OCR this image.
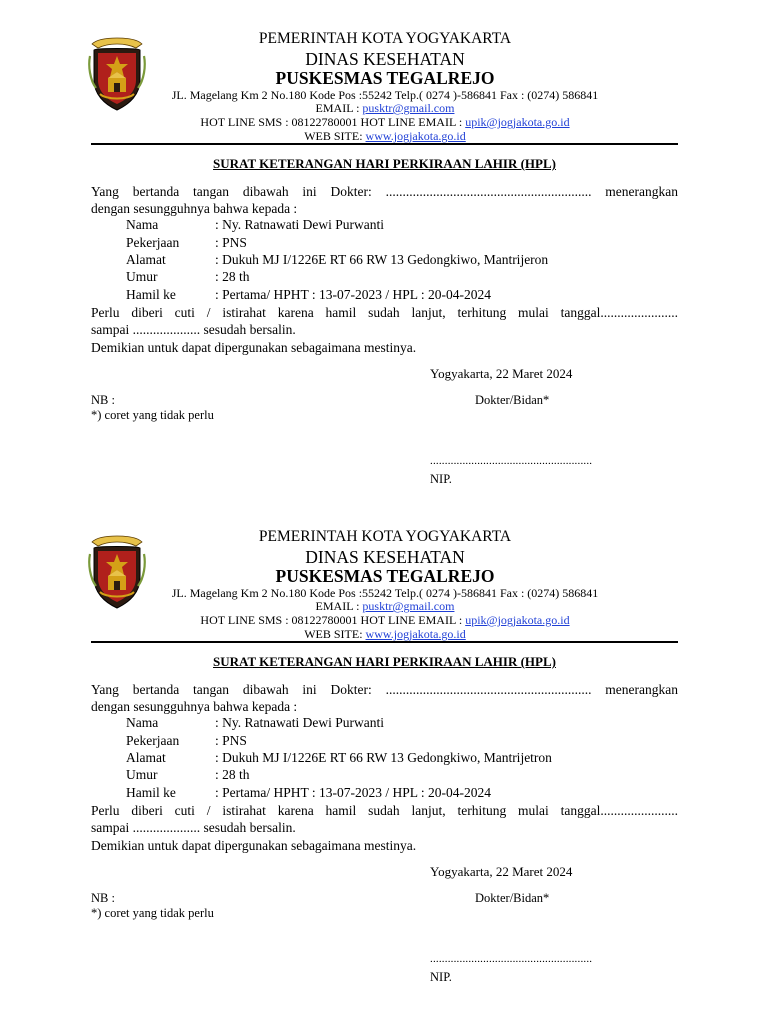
PEMERINTAH KOTA YOGYAKARTA
DINAS KESEHATAN
PUSKESMAS TEGALREJO
JL. Magelang Km 2 No.180 Kode Pos :55242 Telp.( 0274 )-586841 Fax : (0274) 586841
EMAIL : pusktr@gmail.com
HOT LINE SMS : 08122780001 HOT LINE EMAIL : upik@jogjakota.go.id
WEB SITE: www.jogjakota.go.id
SURAT KETERANGAN HARI PERKIRAAN LAHIR (HPL)
Yang bertanda tangan dibawah ini Dokter: ............................................................. menerangkan
dengan sesungguhnya bahwa kepada :
Nama	: Ny. Ratnawati Dewi Purwanti
Pekerjaan	: PNS
Alamat	: Dukuh MJ I/1226E RT 66 RW 13 Gedongkiwo, Mantrijeron
Umur	: 28 th
Hamil ke	: Pertama/ HPHT : 13-07-2023 / HPL : 20-04-2024
Perlu diberi cuti / istirahat karena hamil sudah lanjut, terhitung mulai tanggal.......................
sampai .................... sesudah bersalin.
Demikian untuk dapat dipergunakan sebagaimana mestinya.
Yogyakarta, 22 Maret 2024
NB :	Dokter/Bidan*
*) coret yang tidak perlu
.......................................................
NIP.
PEMERINTAH KOTA YOGYAKARTA
DINAS KESEHATAN
PUSKESMAS TEGALREJO
JL. Magelang Km 2 No.180 Kode Pos :55242 Telp.( 0274 )-586841 Fax : (0274) 586841
EMAIL : pusktr@gmail.com
HOT LINE SMS : 08122780001 HOT LINE EMAIL : upik@jogjakota.go.id
WEB SITE: www.jogjakota.go.id
SURAT KETERANGAN HARI PERKIRAAN LAHIR (HPL)
Yang bertanda tangan dibawah ini Dokter: ............................................................. menerangkan
dengan sesungguhnya bahwa kepada :
Nama	: Ny. Ratnawati Dewi Purwanti
Pekerjaan	: PNS
Alamat	: Dukuh MJ I/1226E RT 66 RW 13 Gedongkiwo, Mantrijetron
Umur	: 28 th
Hamil ke	: Pertama/ HPHT : 13-07-2023 / HPL : 20-04-2024
Perlu diberi cuti / istirahat karena hamil sudah lanjut, terhitung mulai tanggal.......................
sampai .................... sesudah bersalin.
Demikian untuk dapat dipergunakan sebagaimana mestinya.
Yogyakarta, 22 Maret 2024
NB :	Dokter/Bidan*
*) coret yang tidak perlu
.......................................................
NIP.
